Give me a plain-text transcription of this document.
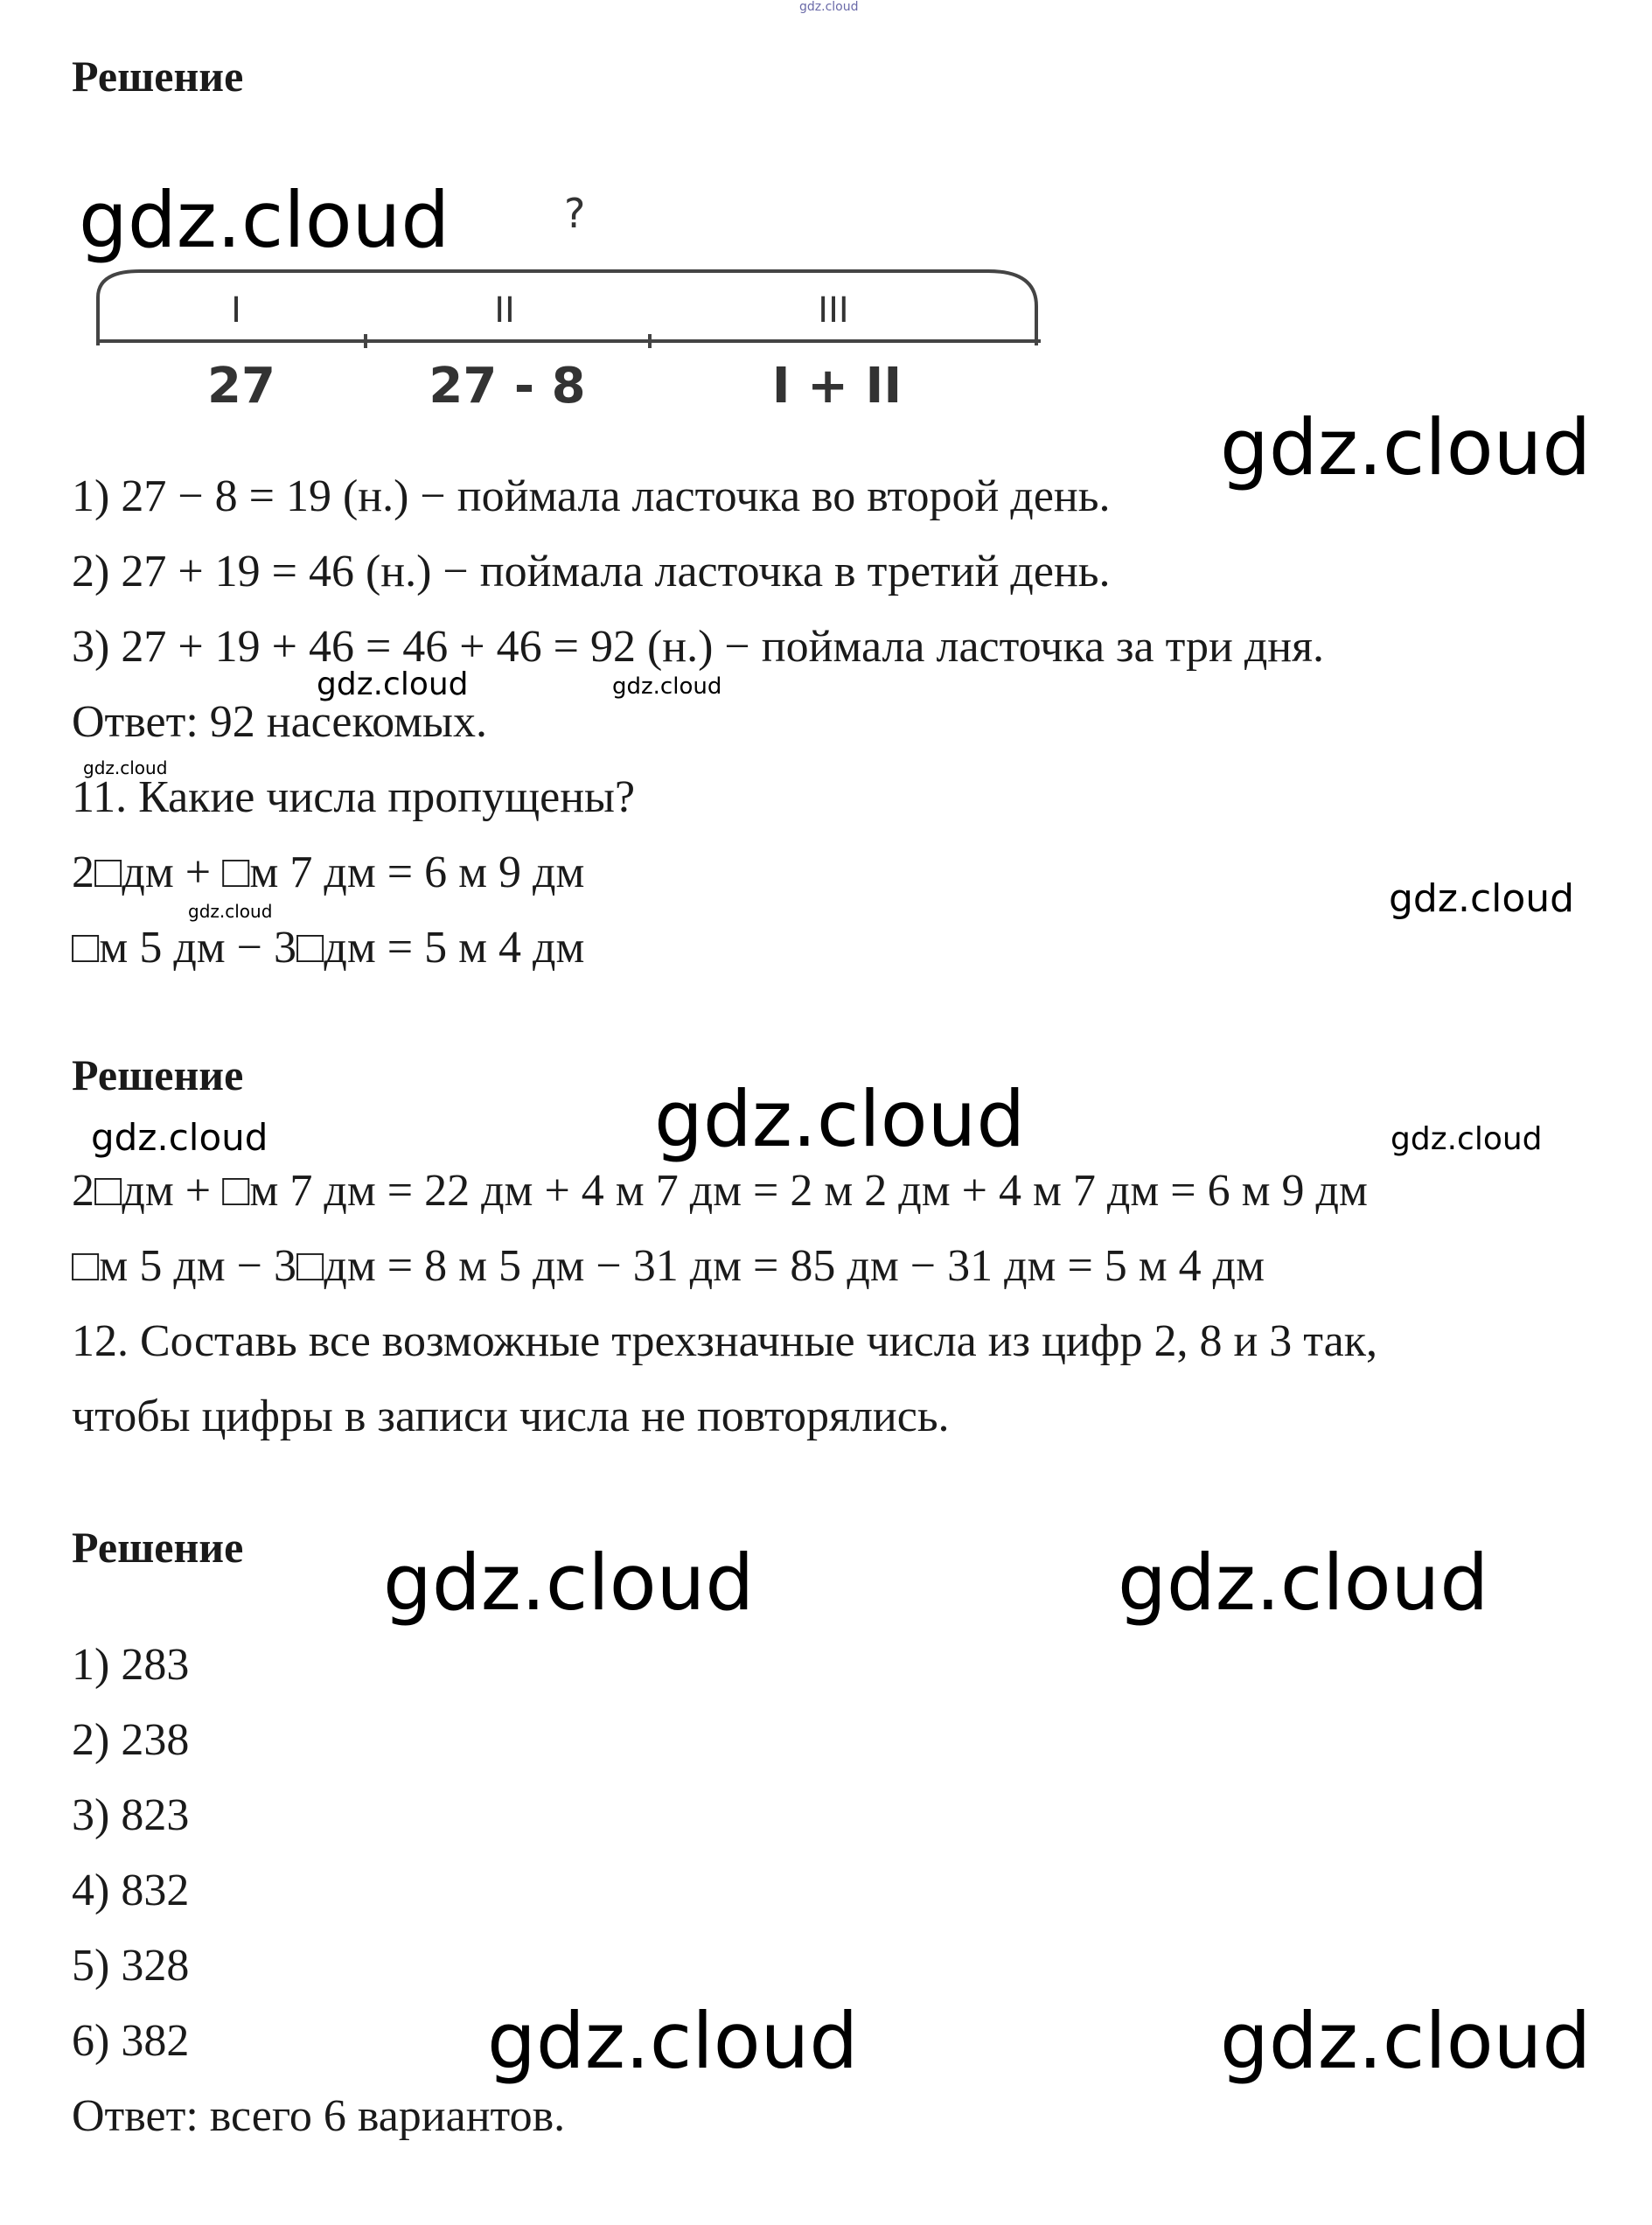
gdz.cloud
Решение
gdz.cloud	?
I	II	III
27	27 - 8	I + II
gdz.cloud
1) 27 − 8 = 19 (н.) − поймала ласточка во второй день.
2) 27 + 19 = 46 (н.) − поймала ласточка в третий день.
3) 27 + 19 + 46 = 46 + 46 = 92 (н.) − поймала ласточка за три дня.
gdz.cloud	gdz.cloud
Ответ: 92 насекомых.
gdz.cloud
11. Какие числа пропущены?
2□дм + □м 7 дм = 6 м 9 дм
gdz.cloud
gdz.cloud
□м 5 дм − 3□дм = 5 м 4 дм
Решение	gdz.cloud
gdz.cloud	gdz.cloud
2□дм + □м 7 дм = 22 дм + 4 м 7 дм = 2 м 2 дм + 4 м 7 дм = 6 м 9 дм
□м 5 дм − 3□дм = 8 м 5 дм − 31 дм = 85 дм − 31 дм = 5 м 4 дм
12. Составь все возможные трехзначные числа из цифр 2, 8 и 3 так,
чтобы цифры в записи числа не повторялись.
Решение gdz.cloud	gdz.cloud
1) 283
2) 238
3) 823
4) 832
5) 328
6) 382	gdz.cloud	gdz.cloud
Ответ: всего 6 вариантов.
